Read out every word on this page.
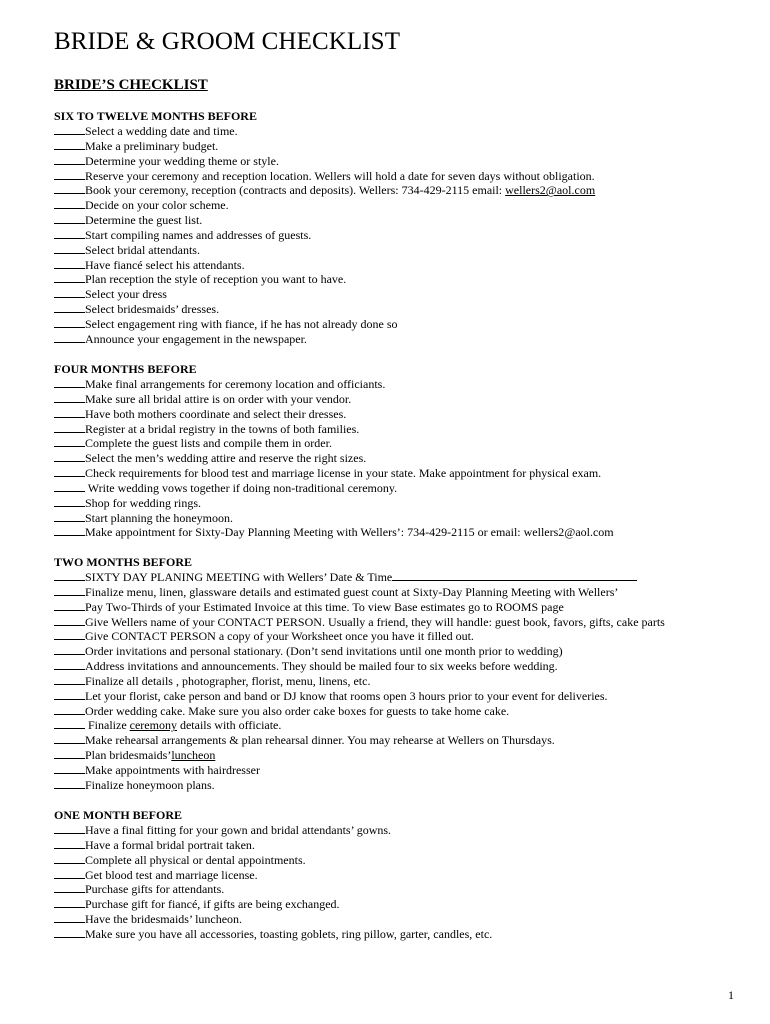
BRIDE & GROOM CHECKLIST
BRIDE’S CHECKLIST
SIX TO TWELVE MONTHS BEFORE
Select a wedding date and time.
Make a preliminary budget.
Determine your wedding theme or style.
Reserve your ceremony and reception location. Wellers will hold a date for seven days without obligation.
Book your ceremony, reception (contracts and deposits). Wellers: 734-429-2115 email: wellers2@aol.com
Decide on your color scheme.
Determine the guest list.
Start compiling names and addresses of guests.
Select bridal attendants.
Have fiancé select his attendants.
Plan reception the style of reception you want to have.
Select your dress
Select bridesmaids’ dresses.
Select engagement ring with fiance, if he has not already done so
Announce your engagement in the newspaper.
FOUR MONTHS BEFORE
Make final arrangements for ceremony location and officiants.
Make sure all bridal attire is on order with your vendor.
Have both mothers coordinate and select their dresses.
Register at a bridal registry in the towns of both families.
Complete the guest lists and compile them in order.
Select the men’s wedding attire and reserve the right sizes.
Check requirements for blood test and marriage license in your state. Make appointment for physical exam.
Write wedding vows together if doing non-traditional ceremony.
Shop for wedding rings.
Start planning the honeymoon.
Make appointment for Sixty-Day Planning Meeting with Wellers’: 734-429-2115 or email: wellers2@aol.com
TWO MONTHS BEFORE
SIXTY DAY PLANING MEETING with Wellers’ Date & Time
Finalize menu, linen, glassware details and estimated guest count at Sixty-Day Planning Meeting with Wellers’
Pay Two-Thirds of your Estimated Invoice at this time. To view Base estimates go to ROOMS page
Give Wellers name of your CONTACT PERSON. Usually a friend, they will handle: guest book, favors, gifts, cake parts
Give CONTACT PERSON a copy of your Worksheet once you have it filled out.
Order invitations and personal stationary. (Don’t send invitations until one month prior to wedding)
Address invitations and announcements. They should be mailed four to six weeks before wedding.
Finalize all details , photographer, florist, menu, linens, etc.
Let your florist, cake person and band or DJ know that rooms open 3 hours prior to your event for deliveries.
Order wedding cake. Make sure you also order cake boxes for guests to take home cake.
Finalize ceremony details with officiate.
Make rehearsal arrangements & plan rehearsal dinner. You may rehearse at Wellers on Thursdays.
Plan bridesmaids’luncheon
Make appointments with hairdresser
Finalize honeymoon plans.
ONE MONTH BEFORE
Have a final fitting for your gown and bridal attendants’ gowns.
Have a formal bridal portrait taken.
Complete all physical or dental appointments.
Get blood test and marriage license.
Purchase gifts for attendants.
Purchase gift for fiancé, if gifts are being exchanged.
Have the bridesmaids’ luncheon.
Make sure you have all accessories, toasting goblets, ring pillow, garter, candles, etc.
1
